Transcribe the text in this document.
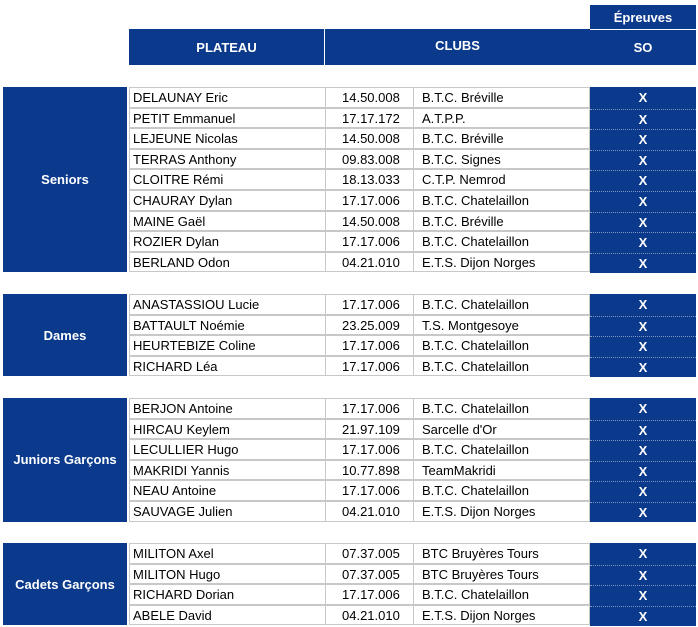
Épreuves
PLATEAU	CLUBS	SO
Seniors
DELAUNAY Eric	14.50.008	B.T.C. Bréville	X
PETIT Emmanuel	17.17.172	A.T.P.P.	X
LEJEUNE Nicolas	14.50.008	B.T.C. Bréville	X
TERRAS Anthony	09.83.008	B.T.C. Signes	X
CLOITRE Rémi	18.13.033	C.T.P. Nemrod	X
CHAURAY Dylan	17.17.006	B.T.C. Chatelaillon	X
MAINE Gaël	14.50.008	B.T.C. Bréville	X
ROZIER Dylan	17.17.006	B.T.C. Chatelaillon	X
BERLAND Odon	04.21.010	E.T.S. Dijon Norges	X
Dames
ANASTASSIOU Lucie	17.17.006	B.T.C. Chatelaillon	X
BATTAULT Noémie	23.25.009	T.S. Montgesoye	X
HEURTEBIZE Coline	17.17.006	B.T.C. Chatelaillon	X
RICHARD Léa	17.17.006	B.T.C. Chatelaillon	X
Juniors Garçons
BERJON Antoine	17.17.006	B.T.C. Chatelaillon	X
HIRCAU Keylem	21.97.109	Sarcelle d'Or	X
LECULLIER Hugo	17.17.006	B.T.C. Chatelaillon	X
MAKRIDI Yannis	10.77.898	TeamMakridi	X
NEAU Antoine	17.17.006	B.T.C. Chatelaillon	X
SAUVAGE Julien	04.21.010	E.T.S. Dijon Norges	X
Cadets Garçons
MILITON Axel	07.37.005	BTC Bruyères Tours	X
MILITON Hugo	07.37.005	BTC Bruyères Tours	X
RICHARD Dorian	17.17.006	B.T.C. Chatelaillon	X
ABELE David	04.21.010	E.T.S. Dijon Norges	X
